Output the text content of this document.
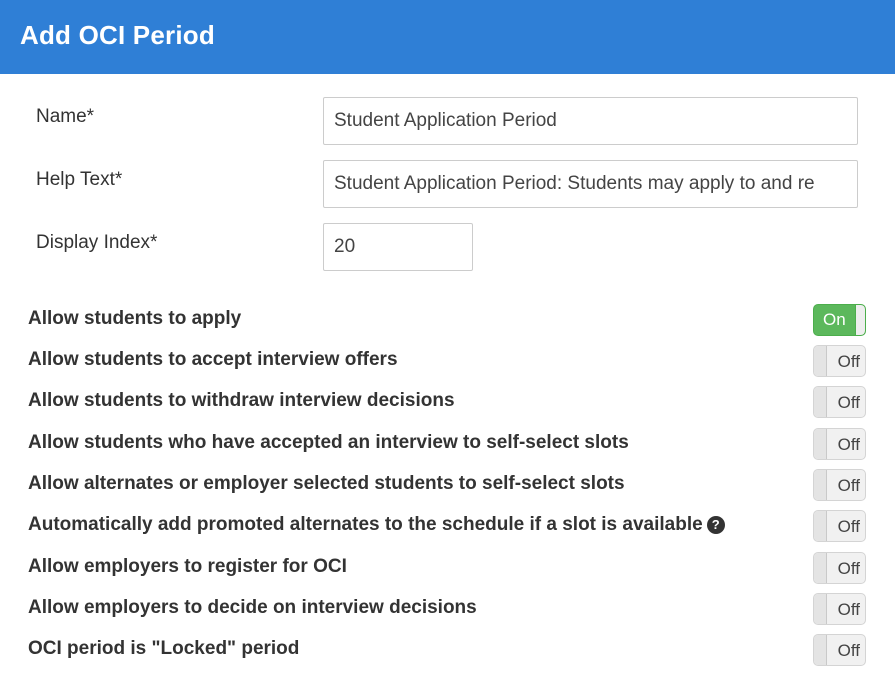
Add OCI Period
Name*
Student Application Period
Help Text*
Student Application Period: Students may apply to and re
Display Index*
20
Allow students to apply	On
Allow students to accept interview offers	Off
Allow students to withdraw interview decisions	Off
Allow students who have accepted an interview to self-select slots	Off
Allow alternates or employer selected students to self-select slots	Off
Automatically add promoted alternates to the schedule if a slot is available ?	Off
Allow employers to register for OCI	Off
Allow employers to decide on interview decisions	Off
OCI period is "Locked" period	Off
